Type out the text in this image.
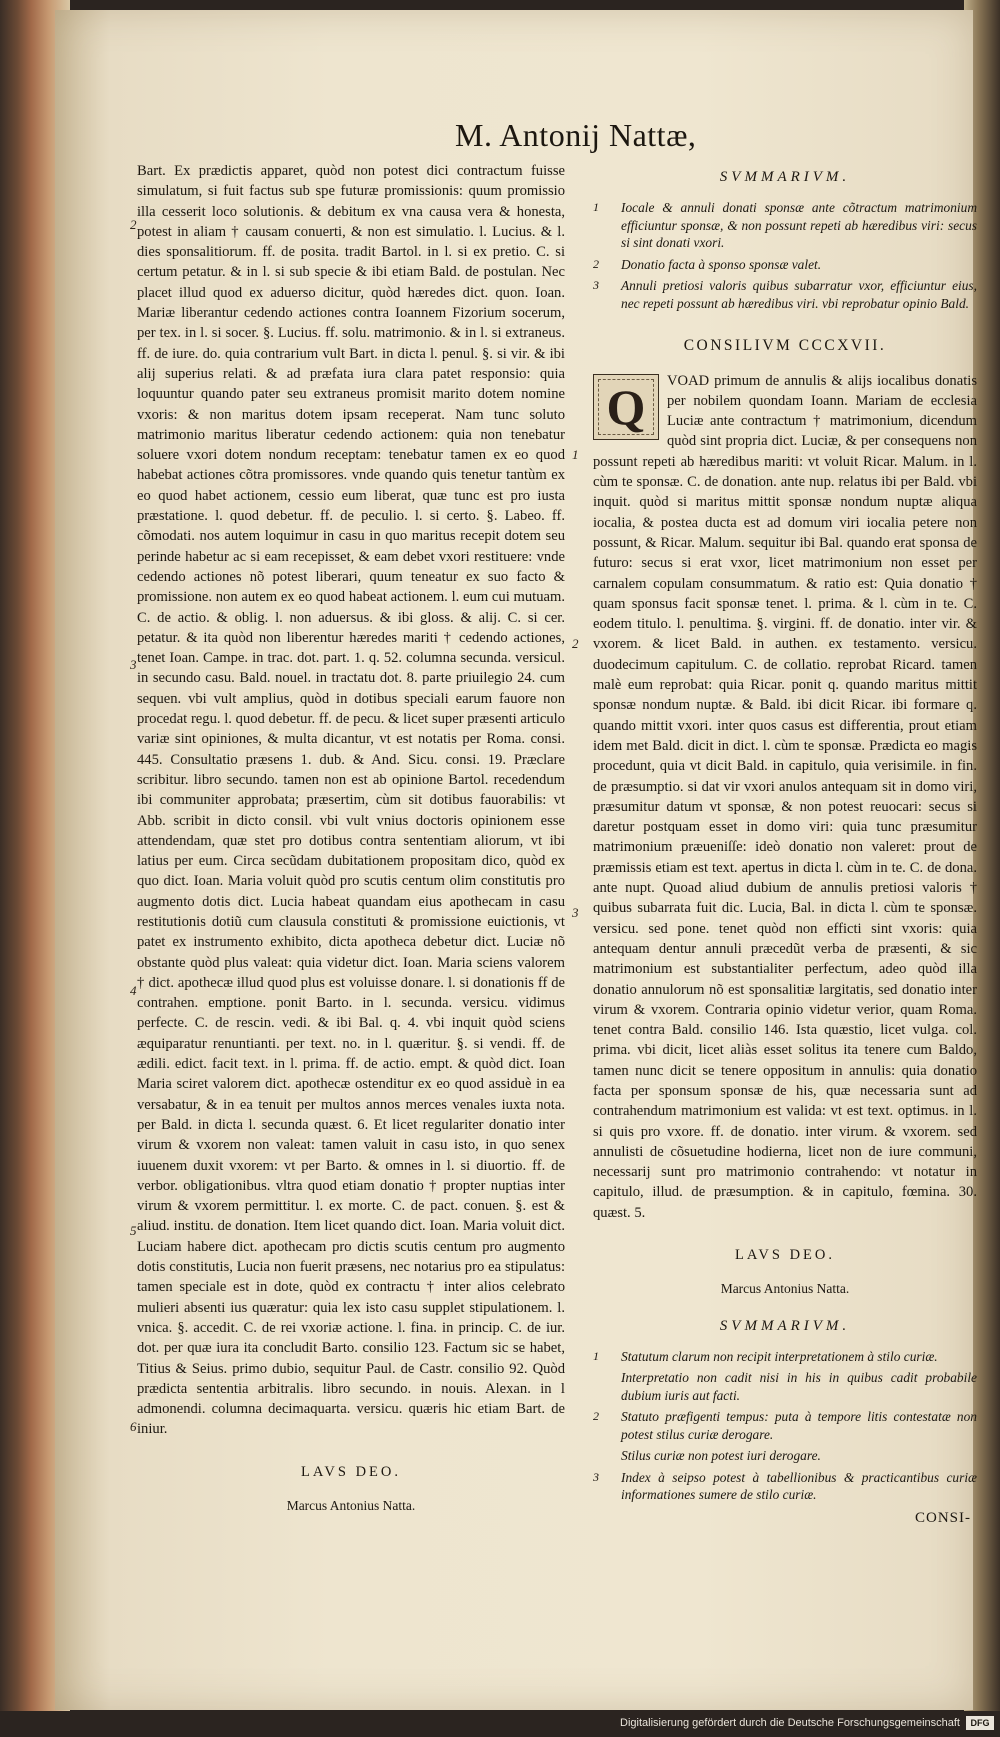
M. Antonij Nattæ,
2
3
4
5
6

Bart. Ex prædictis apparet, quòd non potest dici contractum fuisse simulatum, si fuit factus sub spe futuræ promissionis: quum promissio illa cesserit loco solutionis. & debitum ex vna causa vera & honesta, potest in aliam † causam conuerti, & non est simulatio. l. Lucius. & l. dies sponsalitiorum. ff. de posita. tradit Bartol. in l. si ex pretio. C. si certum petatur. & in l. si sub specie & ibi etiam Bald. de postulan. Nec placet illud quod ex aduerso dicitur, quòd hæredes dict. quon. Ioan. Mariæ liberantur cedendo actiones contra Ioannem Fizorium socerum, per tex. in l. si socer. §. Lucius. ff. solu. matrimonio. & in l. si extraneus. ff. de iure. do. quia contrarium vult Bart. in dicta l. penul. §. si vir. & ibi alij superius relati. & ad præfata iura clara patet responsio: quia loquuntur quando pater seu extraneus promisit marito dotem nomine vxoris: & non maritus dotem ipsam receperat. Nam tunc soluto matrimonio maritus liberatur cedendo actionem: quia non tenebatur soluere vxori dotem nondum receptam: tenebatur tamen ex eo quod habebat actiones cõtra promissores. vnde quando quis tenetur tantùm ex eo quod habet actionem, cessio eum liberat, quæ tunc est pro iusta præstatione. l. quod debetur. ff. de peculio. l. si certo. §. Labeo. ff. cõmodati. nos autem loquimur in casu in quo maritus recepit dotem seu perinde habetur ac si eam recepisset, & eam debet vxori restituere: vnde cedendo actiones nõ potest liberari, quum teneatur ex suo facto & promissione. non autem ex eo quod habeat actionem. l. eum cui mutuam. C. de actio. & oblig. l. non aduersus. & ibi gloss. & alij. C. si cer. petatur. & ita quòd non liberentur hæredes mariti † cedendo actiones, tenet Ioan. Campe. in trac. dot. part. 1. q. 52. columna secunda. versicul. in secundo casu. Bald. nouel. in tractatu dot. 8. parte priuilegio 24. cum sequen. vbi vult amplius, quòd in dotibus speciali earum fauore non procedat regu. l. quod debetur. ff. de pecu. & licet super præsenti articulo variæ sint opiniones, & multa dicantur, vt est notatis per Roma. consi. 445. Consultatio præsens 1. dub. & And. Sicu. consi. 19. Præclare scribitur. libro secundo. tamen non est ab opinione Bartol. recedendum ibi communiter approbata; præsertim, cùm sit dotibus fauorabilis: vt Abb. scribit in dicto consil. vbi vult vnius doctoris opinionem esse attendendam, quæ stet pro dotibus contra sententiam aliorum, vt ibi latius per eum. Circa secũdam dubitationem propositam dico, quòd ex quo dict. Ioan. Maria voluit quòd pro scutis centum olim constitutis pro augmento dotis dict. Lucia habeat quandam eius apothecam in casu restitutionis dotiũ cum clausula constituti & promissione euictionis, vt patet ex instrumento exhibito, dicta apotheca debetur dict. Luciæ nõ obstante quòd plus valeat: quia videtur dict. Ioan. Maria sciens valorem † dict. apothecæ illud quod plus est voluisse donare. l. si donationis ff de contrahen. emptione. ponit Barto. in l. secunda. versicu. vidimus perfecte. C. de rescin. vedi. & ibi Bal. q. 4. vbi inquit quòd sciens æquiparatur renuntianti. per text. no. in l. quæritur. §. si vendi. ff. de ædili. edict. facit text. in l. prima. ff. de actio. empt. & quòd dict. Ioan Maria sciret valorem dict. apothecæ ostenditur ex eo quod assiduè in ea versabatur, & in ea tenuit per multos annos merces venales iuxta nota. per Bald. in dicta l. secunda quæst. 6. Et licet regulariter donatio inter virum & vxorem non valeat: tamen valuit in casu isto, in quo senex iuuenem duxit vxorem: vt per Barto. & omnes in l. si diuortio. ff. de verbor. obligationibus. vltra quod etiam donatio † propter nuptias inter virum & vxorem permittitur. l. ex morte. C. de pact. conuen. §. est & aliud. institu. de donation. Item licet quando dict. Ioan. Maria voluit dict. Luciam habere dict. apothecam pro dictis scutis centum pro augmento dotis constitutis, Lucia non fuerit præsens, nec notarius pro ea stipulatus: tamen speciale est in dote, quòd ex contractu † inter alios celebrato mulieri absenti ius quæratur: quia lex isto casu supplet stipulationem. l. vnica. §. accedit. C. de rei vxoriæ actione. l. fina. in princip. C. de iur. dot. per quæ iura ita concludit Barto. consilio 123. Factum sic se habet, Titius & Seius. primo dubio, sequitur Paul. de Castr. consilio 92. Quòd prædicta sententia arbitralis. libro secundo. in nouis. Alexan. in l admonendi. columna decimaquarta. versicu. quæris hic etiam Bart. de iniur.

LAVS DEO.
Marcus Antonius Natta.
1
2
3
SVMMARIVM.
1 Iocale & annuli donati sponsæ ante cõtractum matrimonium efficiuntur sponsæ, & non possunt repeti ab hæredibus viri: secus si sint donati vxori.
2 Donatio facta à sponso sponsæ valet.
3 Annuli pretiosi valoris quibus subarratur vxor, efficiuntur eius, nec repeti possunt ab hæredibus viri. vbi reprobatur opinio Bald.
CONSILIVM CCCXVII.

Q	VOAD primum de annulis & alijs iocalibus donatis per nobilem quondam Ioann. Mariam de ecclesia Luciæ ante contractum † matrimonium, dicendum quòd sint propria dict. Luciæ, & per consequens non possunt repeti ab hæredibus mariti: vt voluit Ricar. Malum. in l. cùm te sponsæ. C. de donation. ante nup. relatus ibi per Bald. vbi inquit. quòd si maritus mittit sponsæ nondum nuptæ aliqua iocalia, & postea ducta est ad domum viri iocalia petere non possunt, & Ricar. Malum. sequitur ibi Bal. quando erat sponsa de futuro: secus si erat vxor, licet matrimonium non esset per carnalem copulam consummatum. & ratio est: Quia donatio † quam sponsus facit sponsæ tenet. l. prima. & l. cùm in te. C. eodem titulo. l. penultima. §. virgini. ff. de donatio. inter vir. & vxorem. & licet Bald. in authen. ex testamento. versicu. duodecimum capitulum. C. de collatio. reprobat Ricard. tamen malè eum reprobat: quia Ricar. ponit q. quando maritus mittit sponsæ nondum nuptæ. & Bald. ibi dicit Ricar. ibi formare q. quando mittit vxori. inter quos casus est differentia, prout etiam idem met Bald. dicit in dict. l. cùm te sponsæ. Prædicta eo magis procedunt, quia vt dicit Bald. in capitulo, quia verisimile. in fin. de præsumptio. si dat vir vxori anulos antequam sit in domo viri, præsumitur datum vt sponsæ, & non potest reuocari: secus si daretur postquam esset in domo viri: quia tunc præsumitur matrimonium præueniſſe: ideò donatio non valeret: prout de præmissis etiam est text. apertus in dicta l. cùm in te. C. de dona. ante nupt. Quoad aliud dubium de annulis pretiosi valoris † quibus subarrata fuit dic. Lucia, Bal. in dicta l. cùm te sponsæ. versicu. sed pone. tenet quòd non efficti sint vxoris: quia antequam dentur annuli præcedũt verba de præsenti, & sic matrimonium est substantialiter perfectum, adeo quòd illa donatio annulorum nõ est sponsalitiæ largitatis, sed donatio inter virum & vxorem. Contraria opinio videtur verior, quam Roma. tenet contra Bald. consilio 146. Ista quæstio, licet vulga. col. prima. vbi dicit, licet aliàs esset solitus ita tenere cum Baldo, tamen nunc dicit se tenere oppositum in annulis: quia donatio facta per sponsum sponsæ de his, quæ necessaria sunt ad contrahendum matrimonium est valida: vt est text. optimus. in l. si quis pro vxore. ff. de donatio. inter virum. & vxorem. sed annulisti de cõsuetudine hodierna, licet non de iure communi, necessarij sunt pro matrimonio contrahendo: vt notatur in capitulo, illud. de præsumption. & in capitulo, fœmina. 30. quæst. 5.

LAVS DEO.
Marcus Antonius Natta.
SVMMARIVM.
1 Statutum clarum non recipit interpretationem à stilo curiæ.
Interpretatio non cadit nisi in his in quibus cadit probabile dubium iuris aut facti.
2 Statuto præfigenti tempus: puta à tempore litis contestatæ non potest stilus curiæ derogare.
Stilus curiæ non potest iuri derogare.
3 Index à seipso potest à tabellionibus & practicantibus curiæ informationes sumere de stilo curiæ.
CONSI-
Digitalisierung gefördert durch die Deutsche Forschungsgemeinschaft	DFG
